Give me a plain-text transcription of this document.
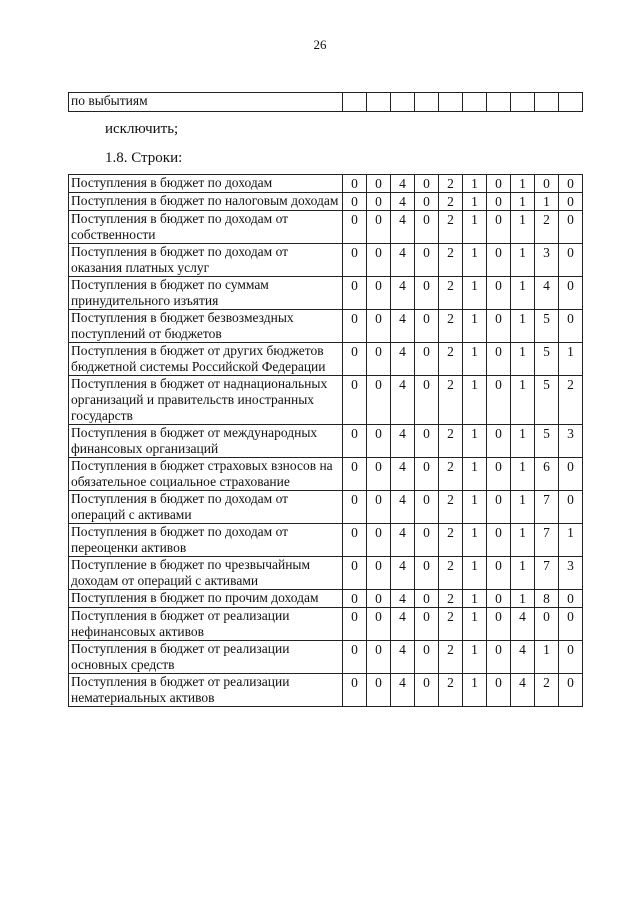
26
по выбытиям										
исключить;
1.8. Строки:
Поступления в бюджет по доходам	0	0	4	0	2	1	0	1	0	0
Поступления в бюджет по налоговым доходам	0	0	4	0	2	1	0	1	1	0
Поступления в бюджет по доходам от собственности	0	0	4	0	2	1	0	1	2	0
Поступления в бюджет по доходам от оказания платных услуг	0	0	4	0	2	1	0	1	3	0
Поступления в бюджет по суммам принудительного изъятия	0	0	4	0	2	1	0	1	4	0
Поступления в бюджет безвозмездных поступлений от бюджетов	0	0	4	0	2	1	0	1	5	0
Поступления в бюджет от других бюджетов бюджетной системы Российской Федерации	0	0	4	0	2	1	0	1	5	1
Поступления в бюджет от наднациональных организаций и правительств иностранных государств	0	0	4	0	2	1	0	1	5	2
Поступления в бюджет от международных финансовых организаций	0	0	4	0	2	1	0	1	5	3
Поступления в бюджет страховых взносов на обязательное социальное страхование	0	0	4	0	2	1	0	1	6	0
Поступления в бюджет по доходам от операций с активами	0	0	4	0	2	1	0	1	7	0
Поступления в бюджет по доходам от переоценки активов	0	0	4	0	2	1	0	1	7	1
Поступление в бюджет по чрезвычайным доходам от операций с активами	0	0	4	0	2	1	0	1	7	3
Поступления в бюджет по прочим доходам	0	0	4	0	2	1	0	1	8	0
Поступления в бюджет от реализации нефинансовых активов	0	0	4	0	2	1	0	4	0	0
Поступления в бюджет от реализации основных средств	0	0	4	0	2	1	0	4	1	0
Поступления в бюджет от реализации нематериальных активов	0	0	4	0	2	1	0	4	2	0
